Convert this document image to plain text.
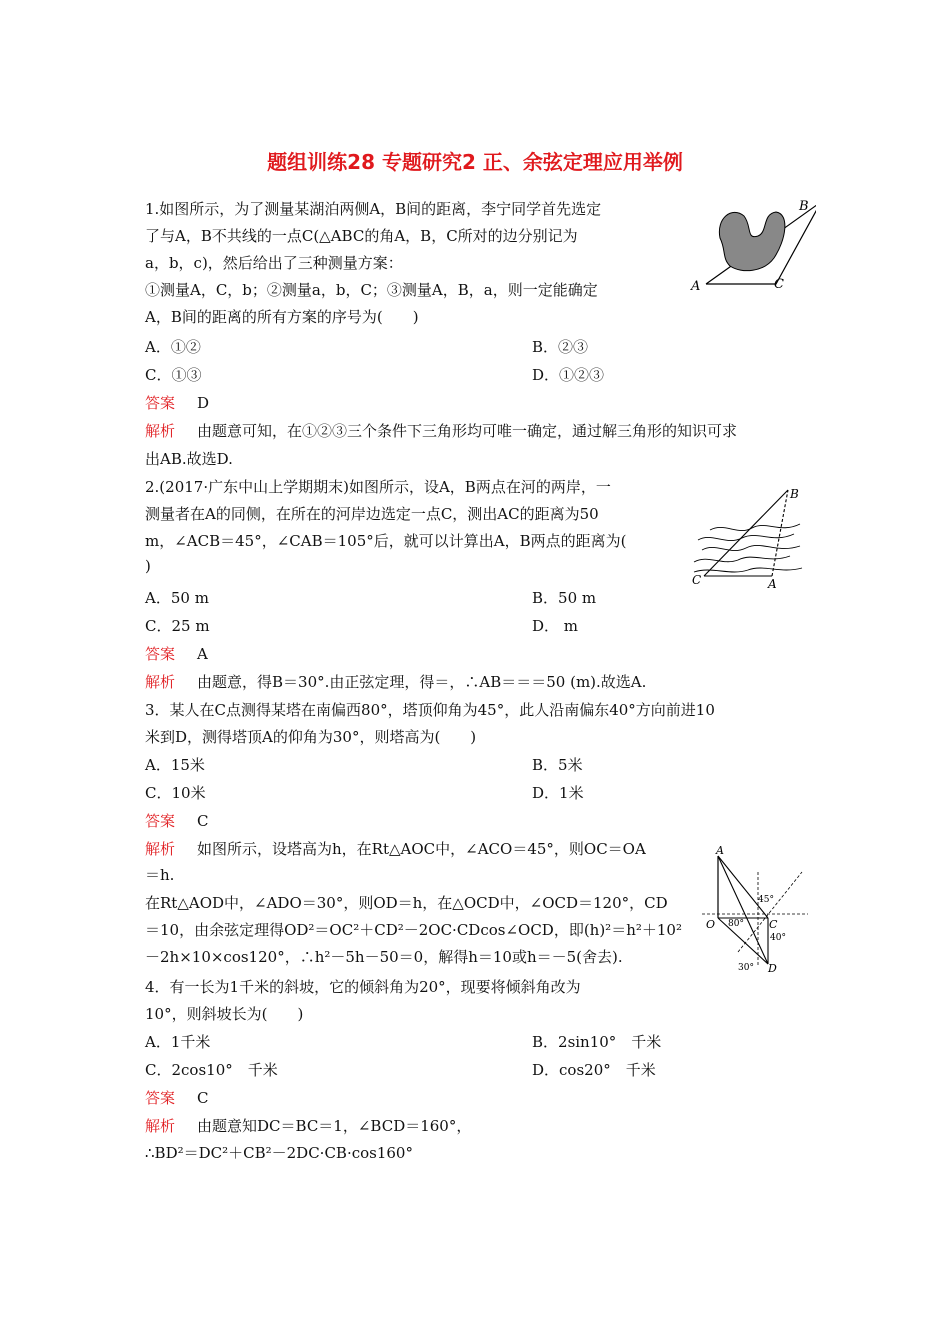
题组训练28 专题研究2 正、余弦定理应用举例
1.如图所示，为了测量某湖泊两侧A，B间的距离，李宁同学首先选定
了与A，B不共线的一点C(△ABC的角A，B，C所对的边分别记为
a，b，c)，然后给出了三种测量方案：
①测量A，C，b；②测量a，b，C；③测量A，B，a，则一定能确定
A，B间的距离的所有方案的序号为(　　)
A．①②	B．②③
C．①③	D．①②③
答案 D
解析 由题意可知，在①②③三个条件下三角形均可唯一确定，通过解三角形的知识可求
出AB.故选D.
A
B
C
2.(2017·广东中山上学期期末)如图所示，设A，B两点在河的两岸，一
测量者在A的同侧，在所在的河岸边选定一点C，测出AC的距离为50
m，∠ACB＝45°，∠CAB＝105°后，就可以计算出A，B两点的距离为(
)
A．50 m	B．50 m
C．25 m	D． m
答案 A
解析 由题意，得B＝30°.由正弦定理，得＝，∴AB＝＝＝50 (m).故选A.
C	A
B
3．某人在C点测得某塔在南偏西80°，塔顶仰角为45°，此人沿南偏东40°方向前进10
米到D，测得塔顶A的仰角为30°，则塔高为(　　)
A．15米	B．5米
C．10米	D．1米
答案 C
解析 如图所示，设塔高为h，在Rt△AOC中，∠ACO＝45°，则OC＝OA
＝h.
在Rt△AOD中，∠ADO＝30°，则OD＝h，在△OCD中，∠OCD＝120°，CD
＝10，由余弦定理得OD²＝OC²＋CD²－2OC·CDcos∠OCD，即(h)²＝h²＋10²
－2h×10×cos120°，∴h²－5h－50＝0，解得h＝10或h＝－5(舍去).
A
O	C
D
45°
80°
40°
30°
4．有一长为1千米的斜坡，它的倾斜角为20°，现要将倾斜角改为
10°，则斜坡长为(　　)
A．1千米	B．2sin10°　千米
C．2cos10°　千米	D．cos20°　千米
答案 C
解析 由题意知DC＝BC＝1，∠BCD＝160°，
∴BD²＝DC²＋CB²－2DC·CB·cos160°
